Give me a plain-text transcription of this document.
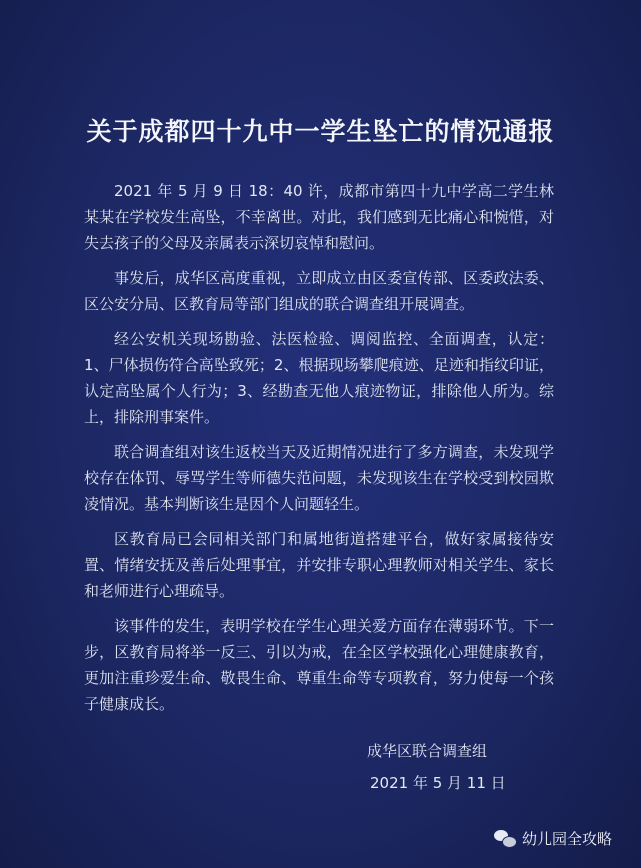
关于成都四十九中一学生坠亡的情况通报

2021 年 5 月 9 日 18：40 许，成都市第四十九中学高二学生林某某在学校发生高坠，不幸离世。对此，我们感到无比痛心和惋惜，对失去孩子的父母及亲属表示深切哀悼和慰问。

事发后，成华区高度重视，立即成立由区委宣传部、区委政法委、区公安分局、区教育局等部门组成的联合调查组开展调查。

经公安机关现场勘验、法医检验、调阅监控、全面调查，认定：1、尸体损伤符合高坠致死；2、根据现场攀爬痕迹、足迹和指纹印证，认定高坠属个人行为；3、经勘查无他人痕迹物证，排除他人所为。综上，排除刑事案件。

联合调查组对该生返校当天及近期情况进行了多方调查，未发现学校存在体罚、辱骂学生等师德失范问题，未发现该生在学校受到校园欺凌情况。基本判断该生是因个人问题轻生。

区教育局已会同相关部门和属地街道搭建平台，做好家属接待安置、情绪安抚及善后处理事宜，并安排专职心理教师对相关学生、家长和老师进行心理疏导。

该事件的发生，表明学校在学生心理关爱方面存在薄弱环节。下一步，区教育局将举一反三、引以为戒，在全区学校强化心理健康教育，更加注重珍爱生命、敬畏生命、尊重生命等专项教育，努力使每一个孩子健康成长。

成华区联合调查组
2021 年 5 月 11 日
幼儿园全攻略
